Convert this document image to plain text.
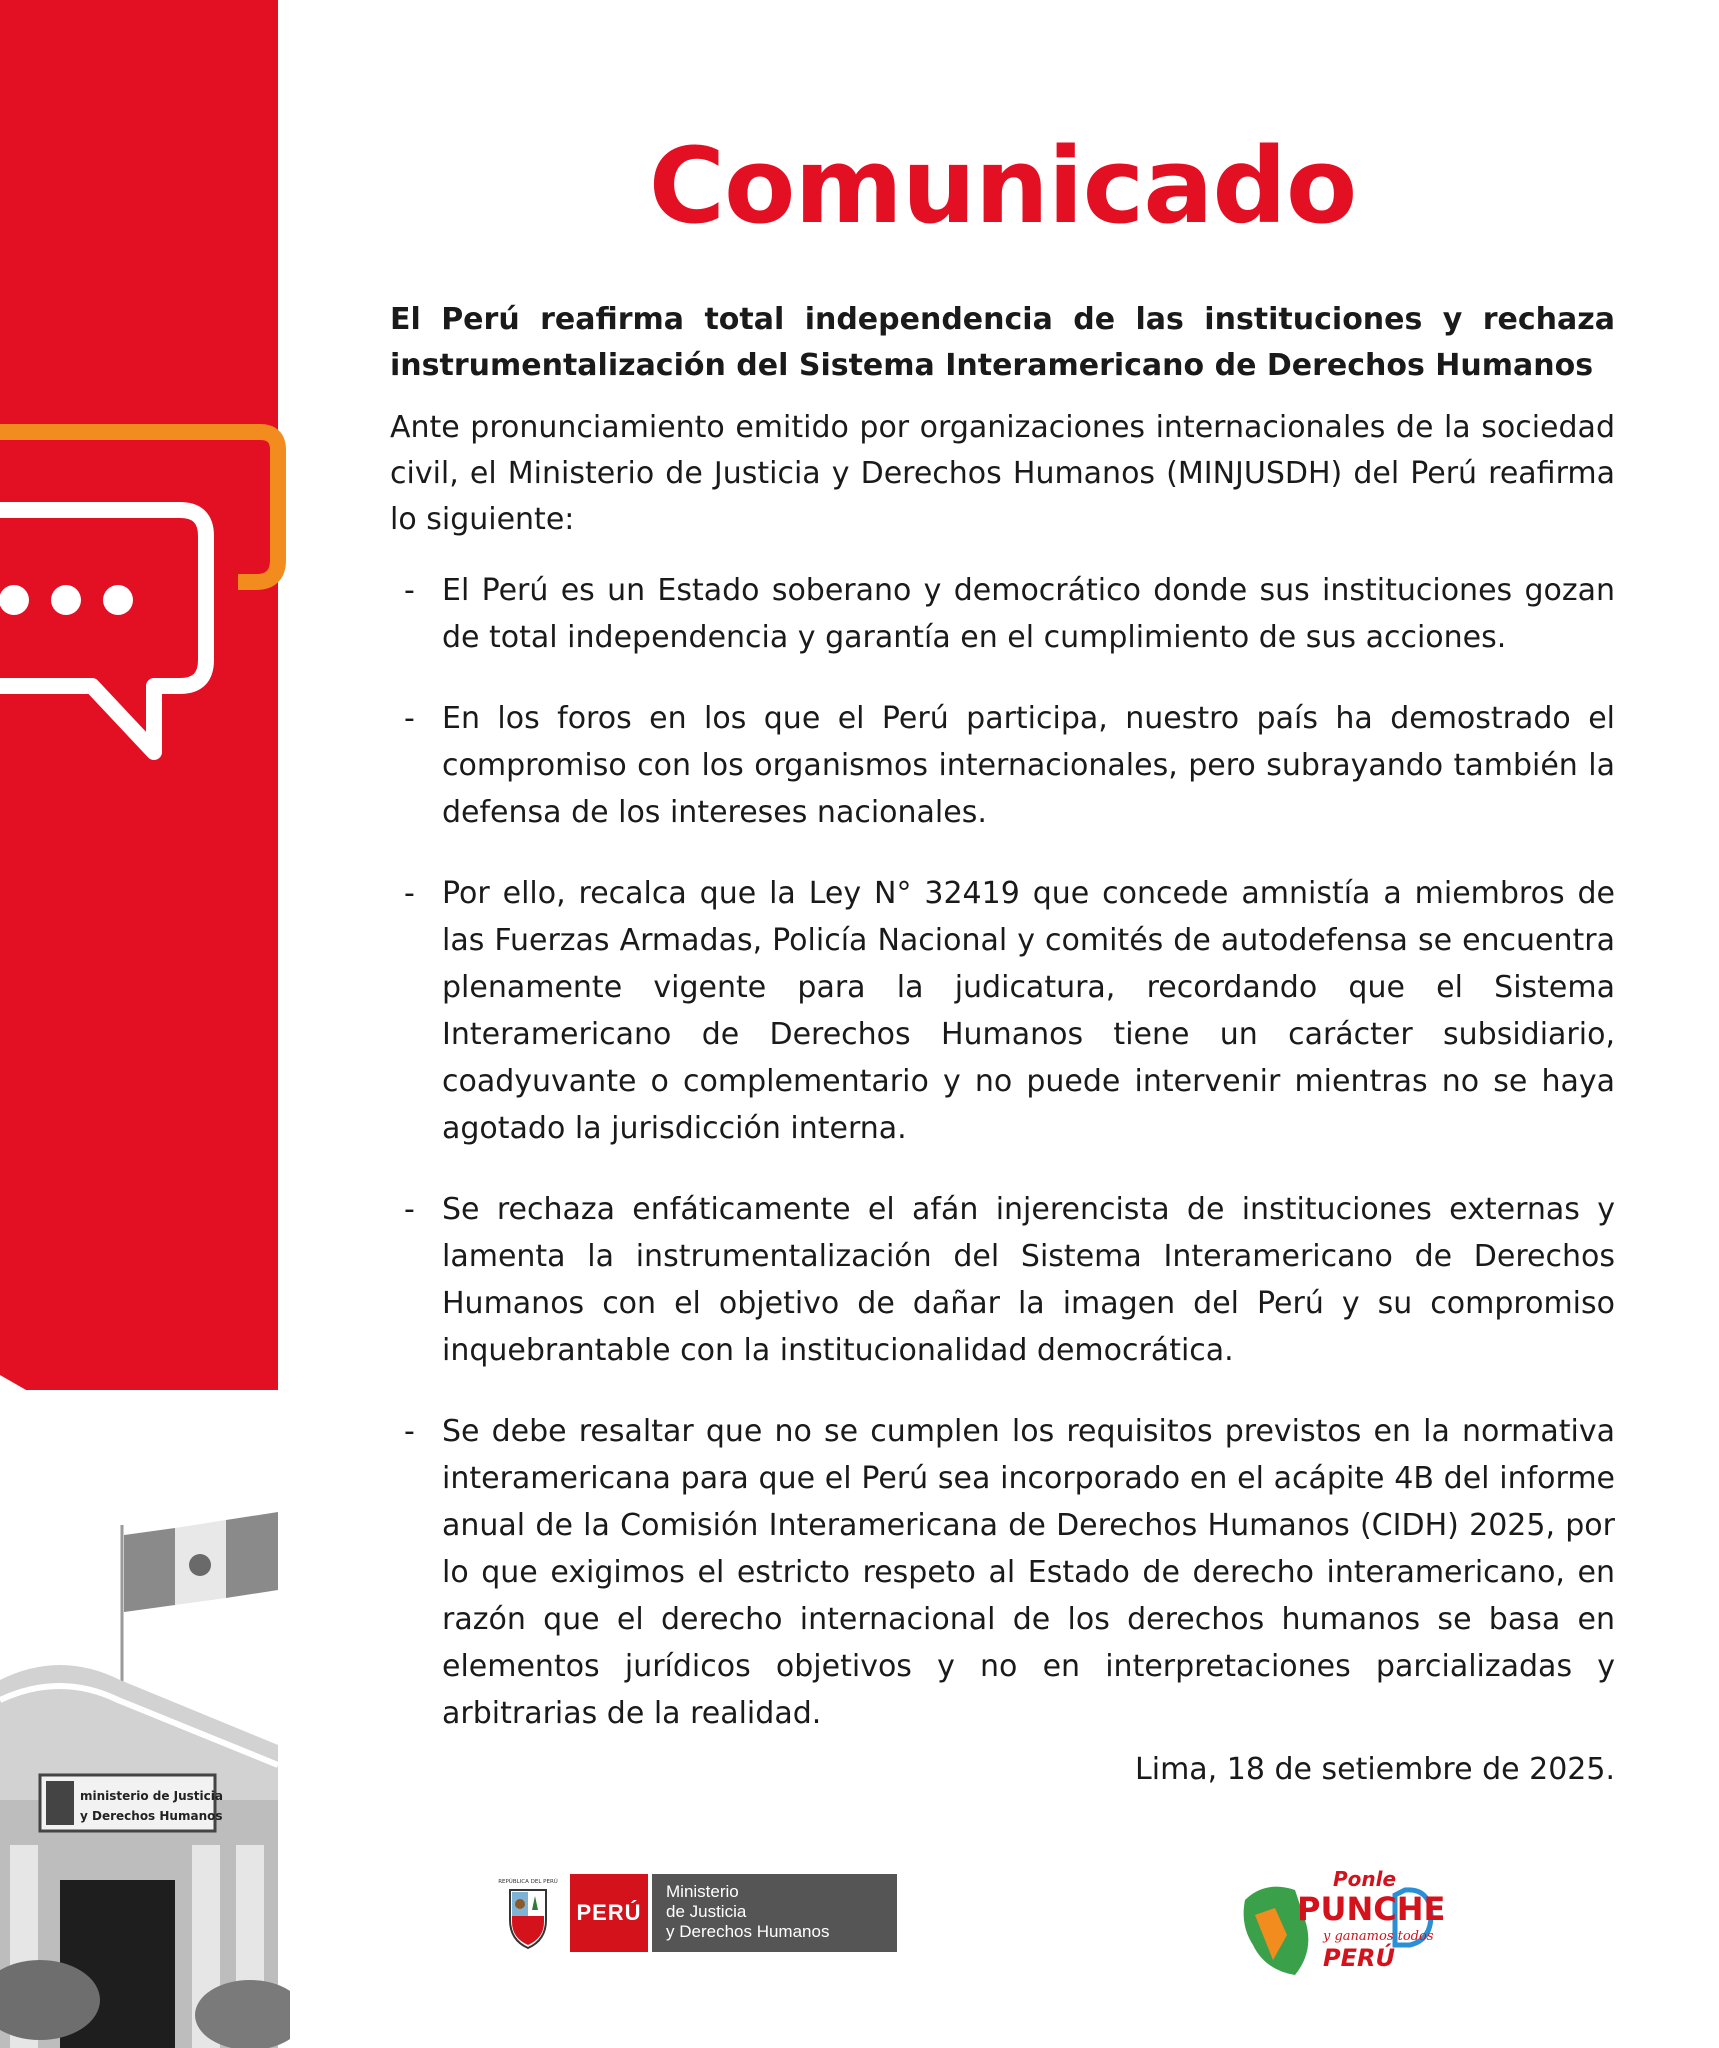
ministerio de Justicia
y Derechos Humanos
Comunicado

El Perú reafirma total independencia de las instituciones y rechaza instrumentalización del Sistema Interamericano de Derechos Humanos

Ante pronunciamiento emitido por organizaciones internacionales de la sociedad civil, el Ministerio de Justicia y Derechos Humanos (MINJUSDH) del Perú reafirma lo siguiente:

- El Perú es un Estado soberano y democrático donde sus instituciones gozan de total independencia y garantía en el cumplimiento de sus acciones.
- En los foros en los que el Perú participa, nuestro país ha demostrado el compromiso con los organismos internacionales, pero subrayando también la defensa de los intereses nacionales.
- Por ello, recalca que la Ley N° 32419 que concede amnistía a miembros de las Fuerzas Armadas, Policía Nacional y comités de autodefensa se encuentra plenamente vigente para la judicatura, recordando que el Sistema Interamericano de Derechos Humanos tiene un carácter subsidiario, coadyuvante o complementario y no puede intervenir mientras no se haya agotado la jurisdicción interna.
- Se rechaza enfáticamente el afán injerencista de instituciones externas y lamenta la instrumentalización del Sistema Interamericano de Derechos Humanos con el objetivo de dañar la imagen del Perú y su compromiso inquebrantable con la institucionalidad democrática.
- Se debe resaltar que no se cumplen los requisitos previstos en la normativa interamericana para que el Perú sea incorporado en el acápite 4B del informe anual de la Comisión Interamericana de Derechos Humanos (CIDH) 2025, por lo que exigimos el estricto respeto al Estado de derecho interamericano, en razón que el derecho internacional de los derechos humanos se basa en elementos jurídicos objetivos y no en interpretaciones parcializadas y arbitrarias de la realidad.
Lima, 18 de setiembre de 2025.
REPÚBLICA DEL PERÚ
PERÚ
Ministerio
de Justicia
y Derechos Humanos
Ponle
PUNCHE
y ganamos todos
PERÚ
